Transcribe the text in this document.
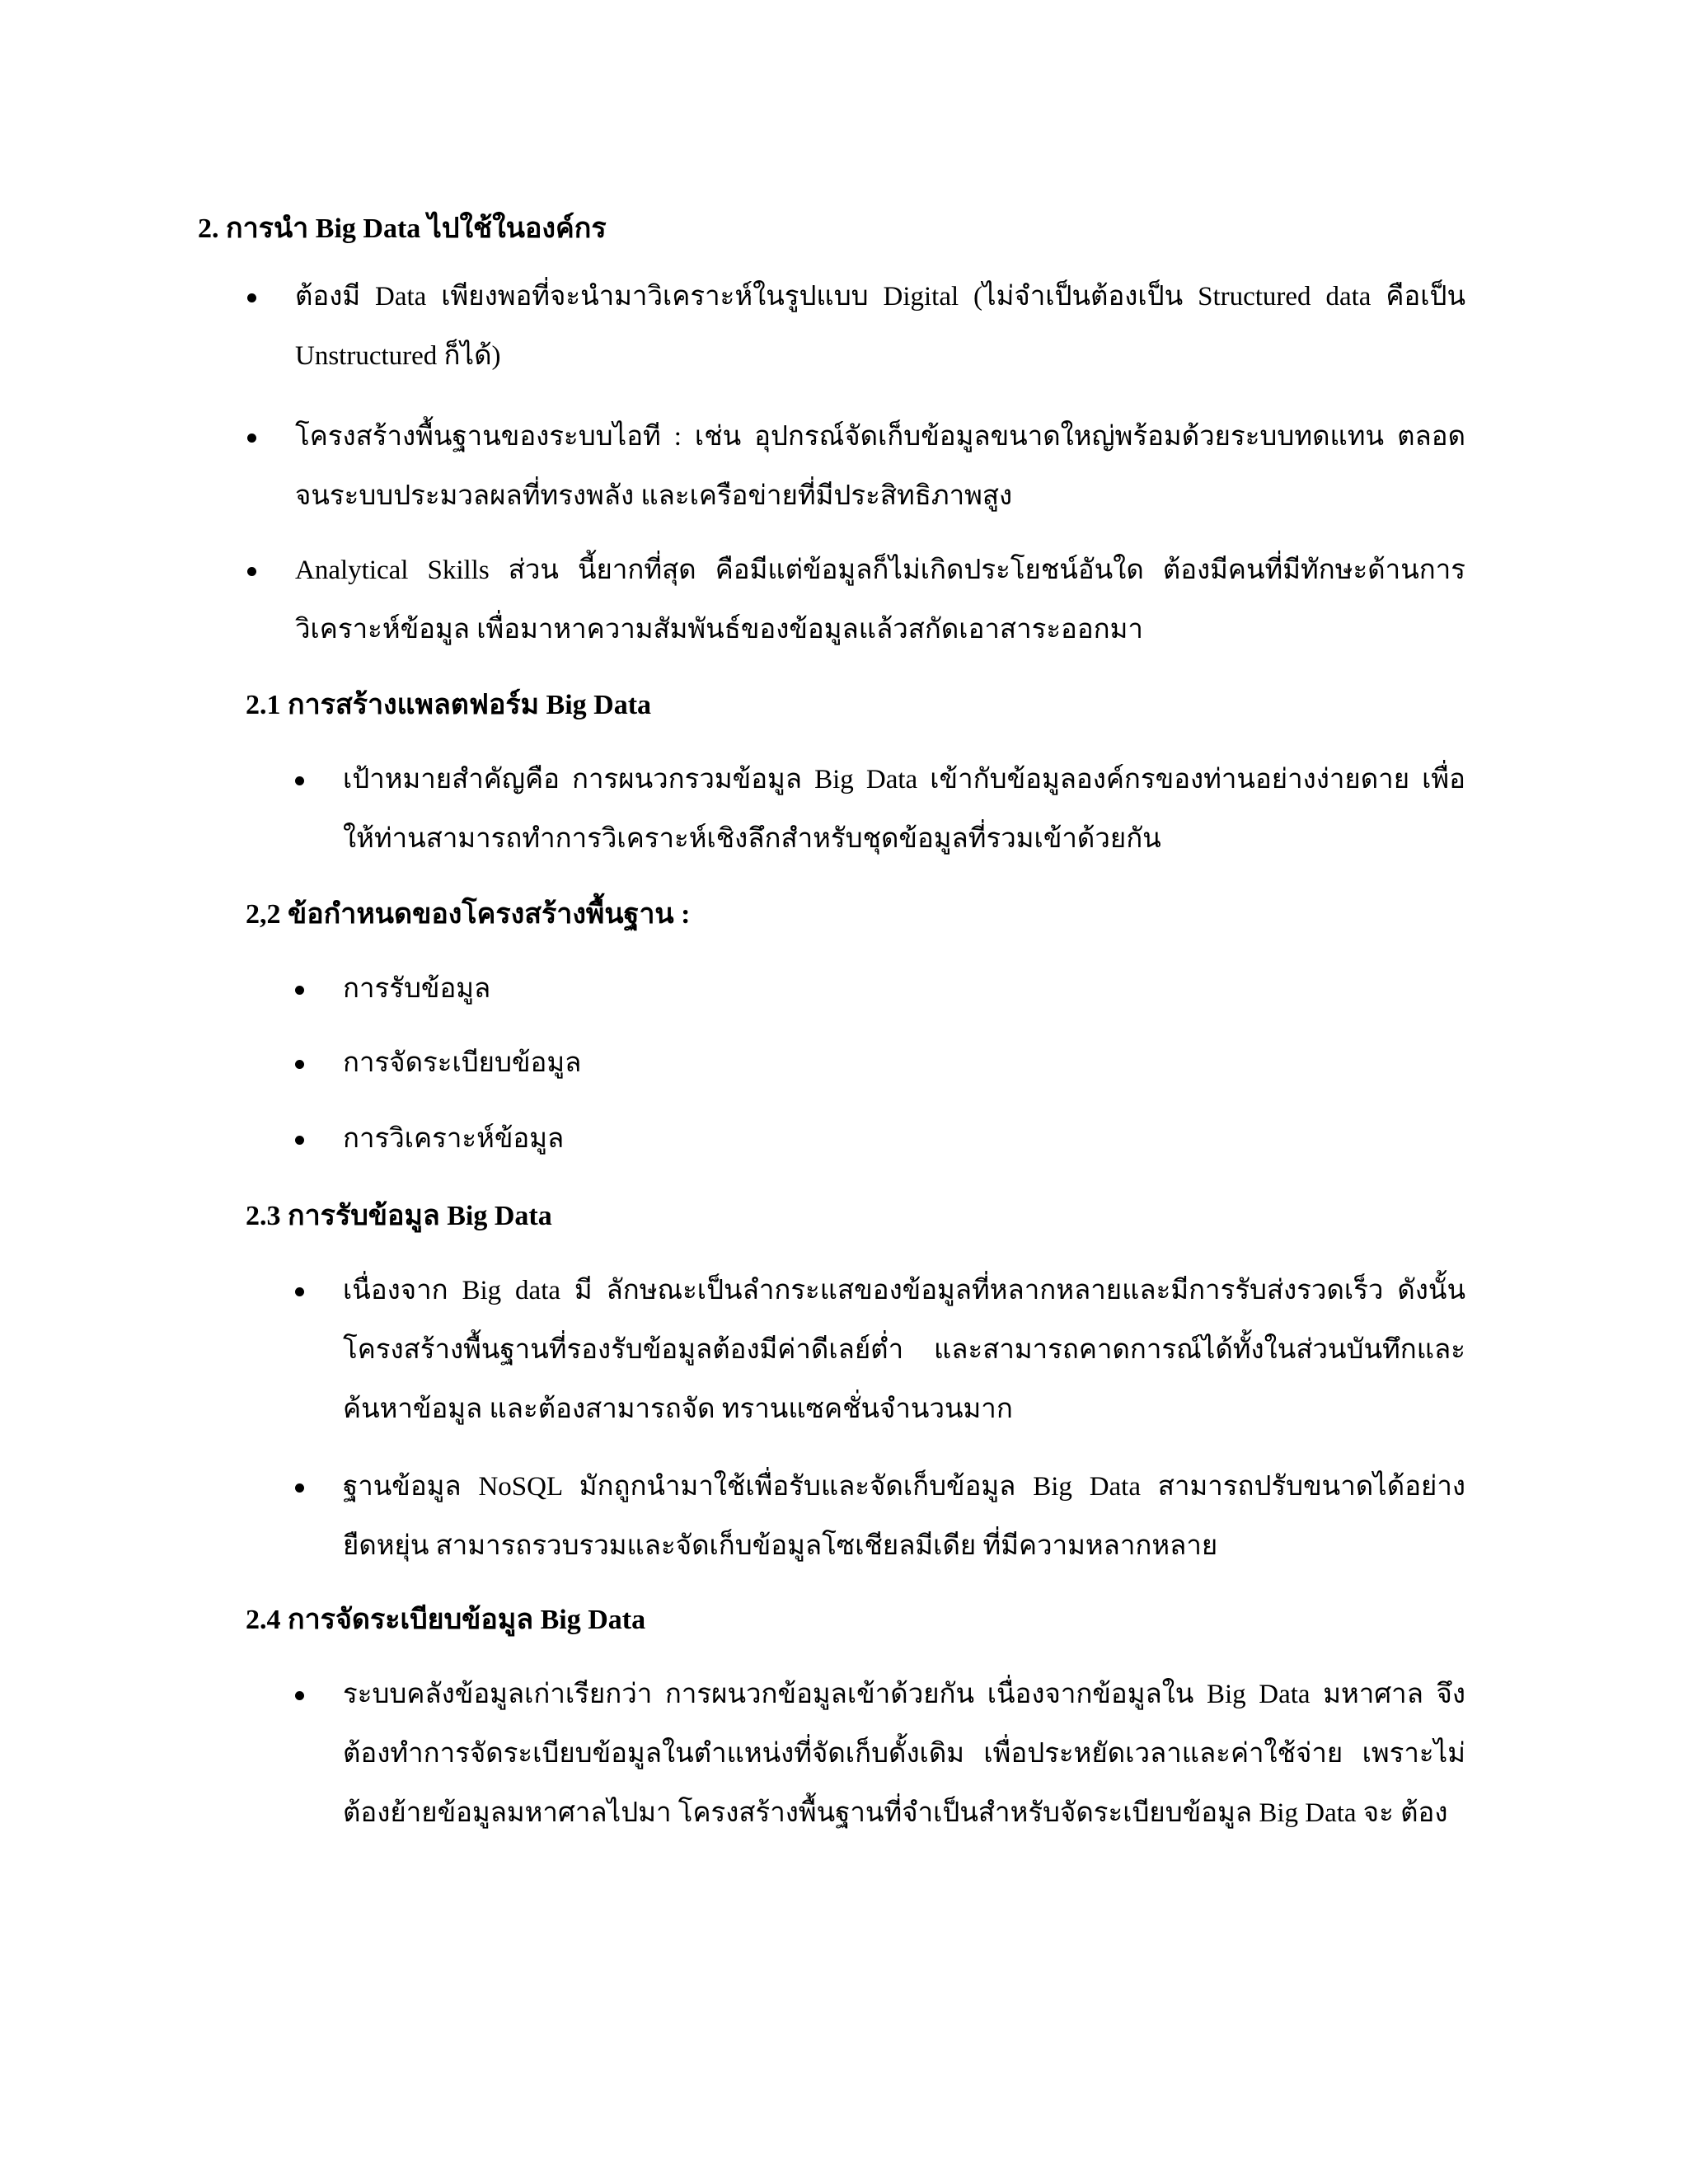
2. การนำ Big Data ไปใช้ในองค์กร
ต้องมี Data เพียงพอที่จะนำมาวิเคราะห์ในรูปแบบ Digital (ไม่จำเป็นต้องเป็น Structured data คือเป็น Unstructured ก็ได้)
โครงสร้างพื้นฐานของระบบไอที : เช่น อุปกรณ์จัดเก็บข้อมูลขนาดใหญ่พร้อมด้วยระบบทดแทน ตลอดจนระบบประมวลผลที่ทรงพลัง และเครือข่ายที่มีประสิทธิภาพสูง
Analytical Skills ส่วน นี้ยากที่สุด คือมีแต่ข้อมูลก็ไม่เกิดประโยชน์อันใด ต้องมีคนที่มีทักษะด้านการวิเคราะห์ข้อมูล เพื่อมาหาความสัมพันธ์ของข้อมูลแล้วสกัดเอาสาระออกมา
2.1 การสร้างแพลตฟอร์ม Big Data
เป้าหมายสำคัญคือ การผนวกรวมข้อมูล Big Data เข้ากับข้อมูลองค์กรของท่านอย่างง่ายดาย เพื่อให้ท่านสามารถทำการวิเคราะห์เชิงลึกสำหรับชุดข้อมูลที่รวมเข้าด้วยกัน
2,2 ข้อกำหนดของโครงสร้างพื้นฐาน :
การรับข้อมูล
การจัดระเบียบข้อมูล
การวิเคราะห์ข้อมูล
2.3 การรับข้อมูล Big Data
เนื่องจาก Big data มี ลักษณะเป็นลำกระแสของข้อมูลที่หลากหลายและมีการรับส่งรวดเร็ว ดังนั้น โครงสร้างพื้นฐานที่รองรับข้อมูลต้องมีค่าดีเลย์ต่ำ และสามารถคาดการณ์ได้ทั้งในส่วนบันทึกและค้นหาข้อมูล และต้องสามารถจัด ทรานแซคชั่นจำนวนมาก
ฐานข้อมูล NoSQL มักถูกนำมาใช้เพื่อรับและจัดเก็บข้อมูล Big Data สามารถปรับขนาดได้อย่างยืดหยุ่น สามารถรวบรวมและจัดเก็บข้อมูลโซเชียลมีเดีย ที่มีความหลากหลาย
2.4 การจัดระเบียบข้อมูล Big Data
ระบบคลังข้อมูลเก่าเรียกว่า การผนวกข้อมูลเข้าด้วยกัน เนื่องจากข้อมูลใน Big Data มหาศาล จึงต้องทำการจัดระเบียบข้อมูลในตำแหน่งที่จัดเก็บดั้งเดิม เพื่อประหยัดเวลาและค่าใช้จ่าย เพราะไม่ต้องย้ายข้อมูลมหาศาลไปมา โครงสร้างพื้นฐานที่จำเป็นสำหรับจัดระเบียบข้อมูล Big Data จะ ต้อง
